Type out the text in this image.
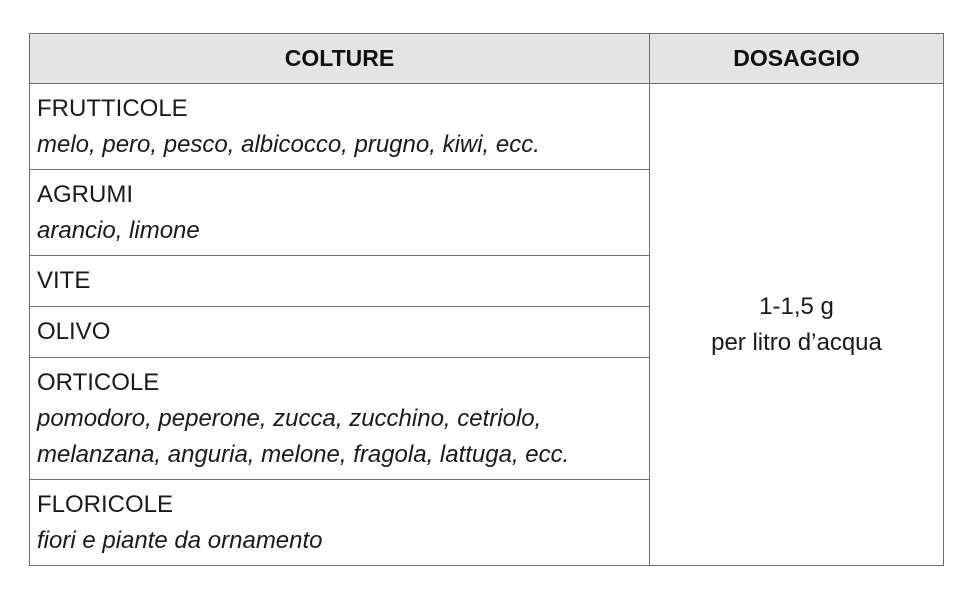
COLTURE	DOSAGGIO

FRUTTICOLE
melo, pero, pesco, albicocco, prugno, kiwi, ecc.	1-1,5 g
per litro d’acqua

AGRUMI
arancio, limone	

VITE	

OLIVO	

ORTICOLE
pomodoro, peperone, zucca, zucchino, cetriolo,
melanzana, anguria, melone, fragola, lattuga, ecc.	

FLORICOLE
fiori e piante da ornamento	
